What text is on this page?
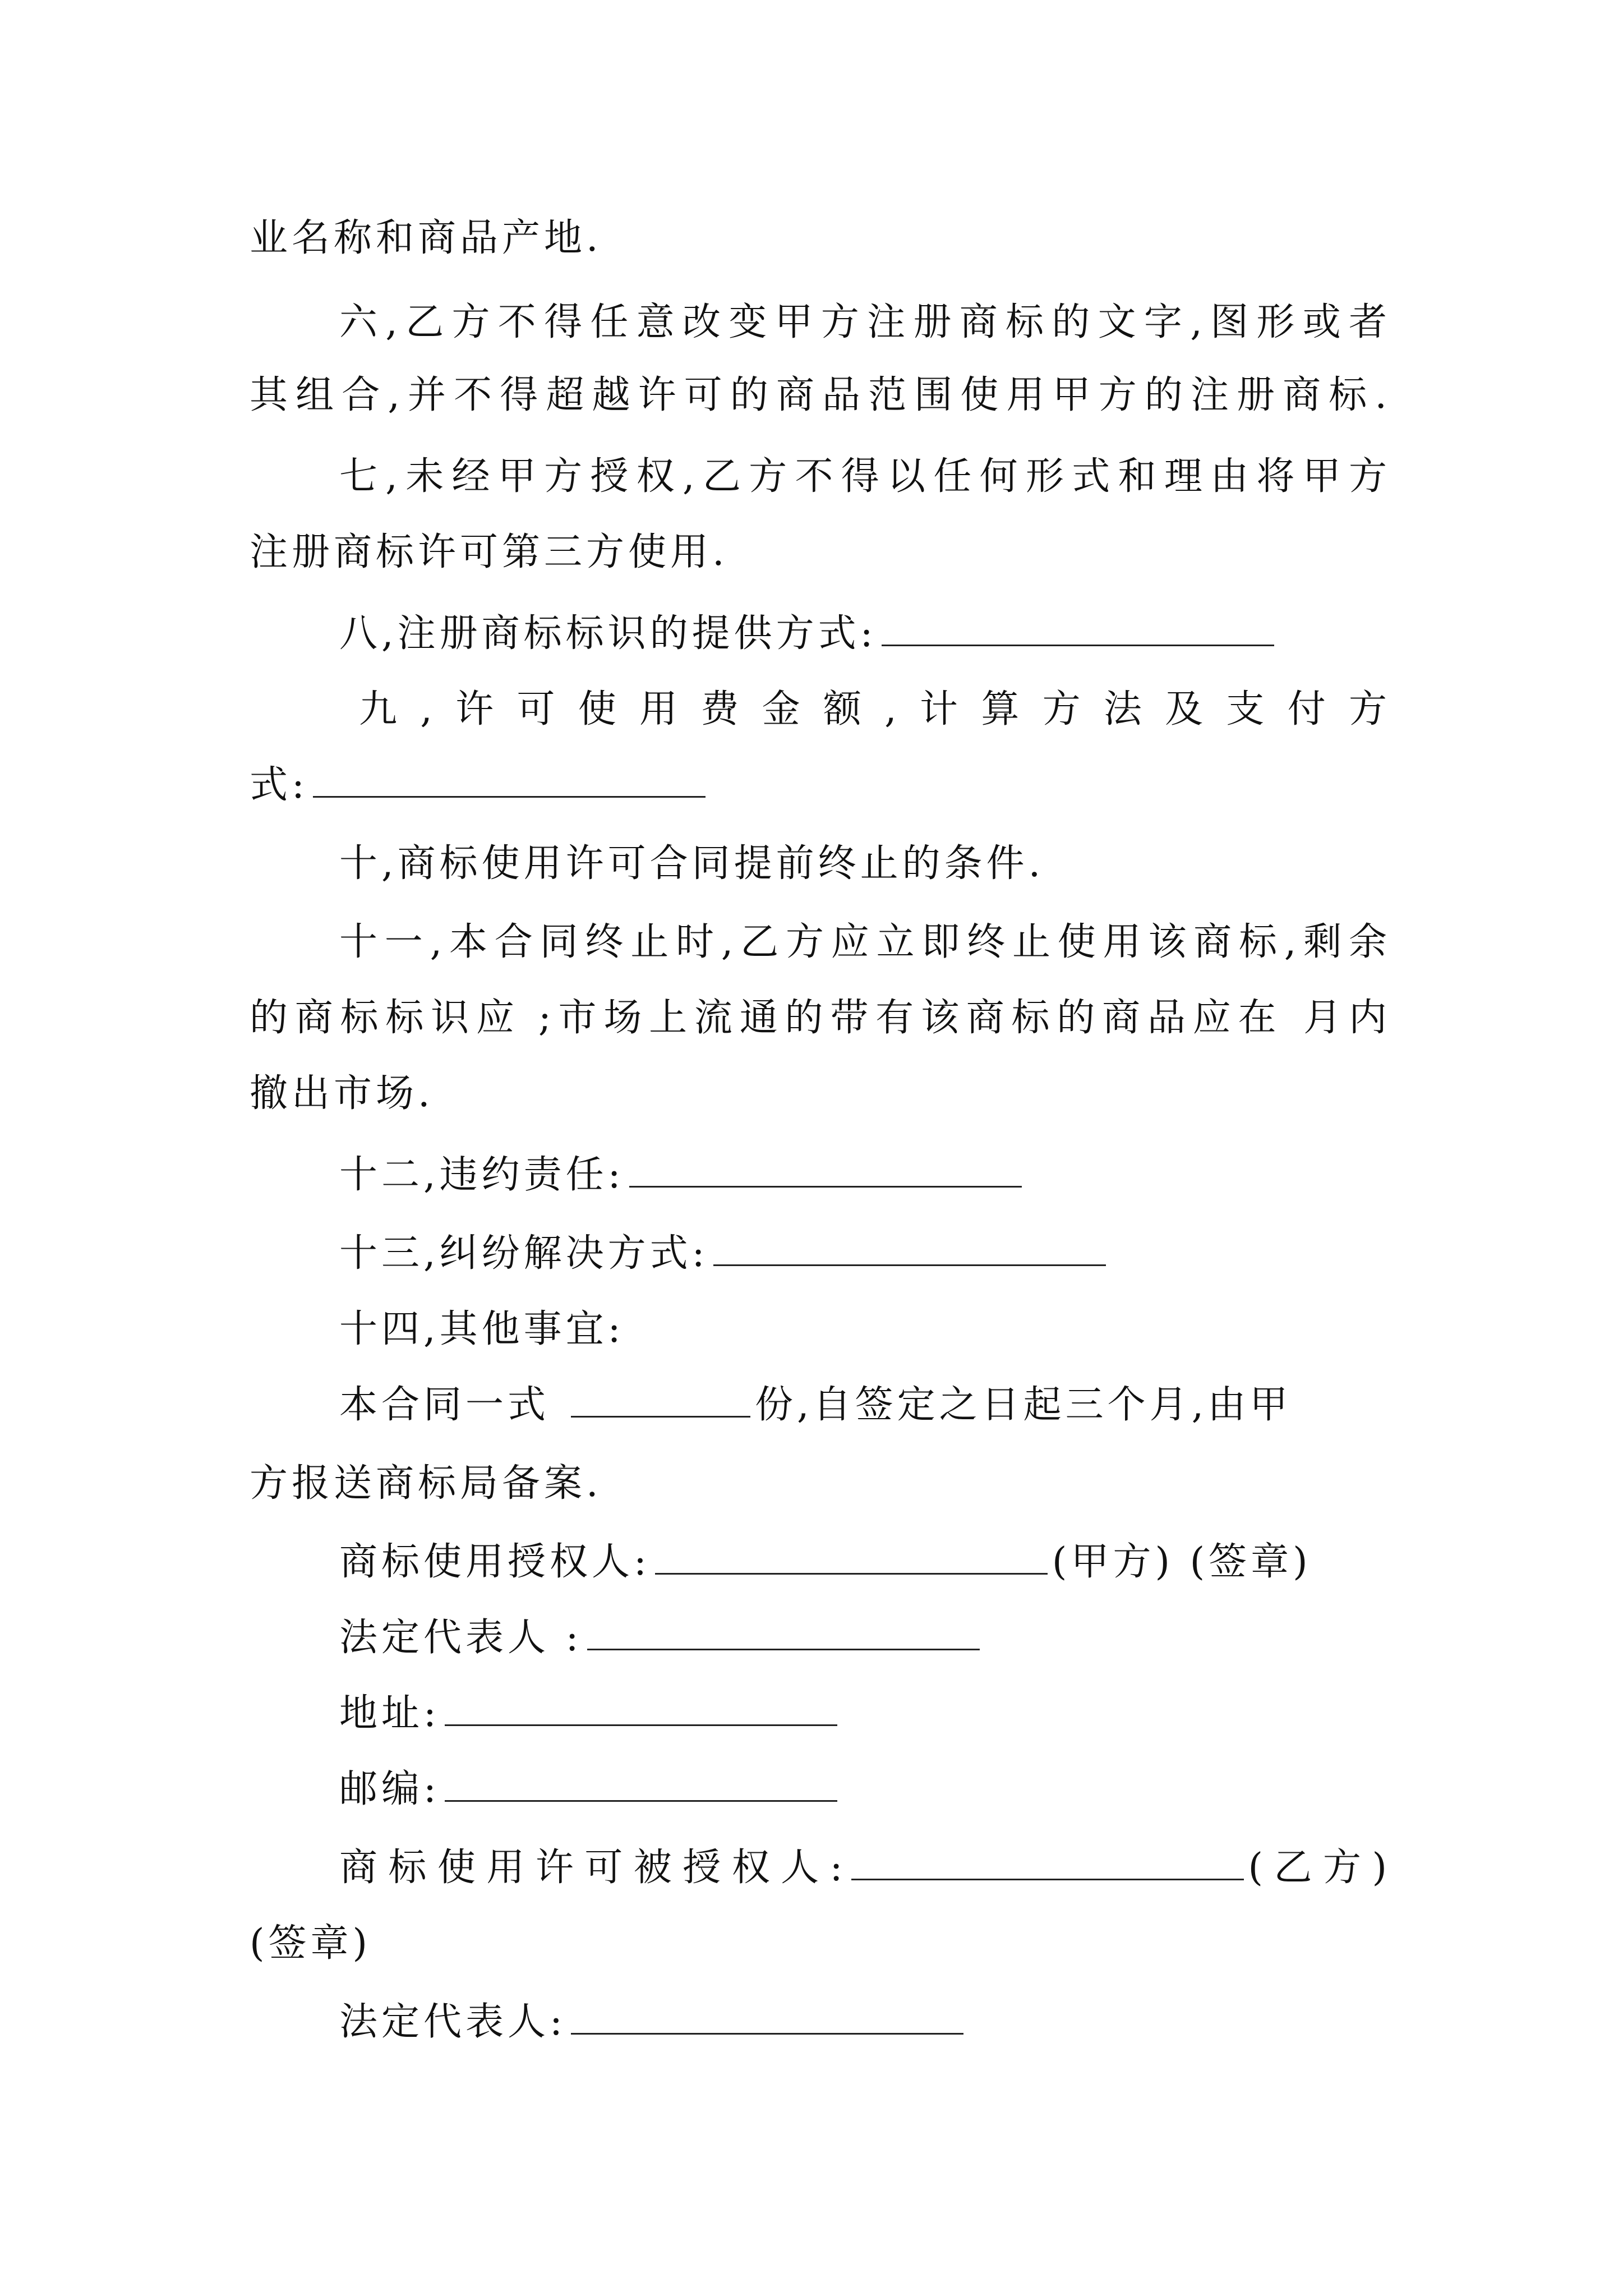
业名称和商品产地.
六,乙方不得任意改变甲方注册商标的文字,图形或者
其组合,并不得超越许可的商品范围使用甲方的注册商标.
七,未经甲方授权,乙方不得以任何形式和理由将甲方
注册商标许可第三方使用.
八,注册商标标识的提供方式:
九,许可使用费金额,计算方法及支付方
式:
十,商标使用许可合同提前终止的条件.
十一,本合同终止时,乙方应立即终止使用该商标,剩余
的商标标识应 ;市场上流通的带有该商标的商品应在 月内
撤出市场.
十二,违约责任:
十三,纠纷解决方式:
十四,其他事宜:
本合同一式	份,自签定之日起三个月,由甲
方报送商标局备案.
商标使用授权人:	(甲方) (签章)
法定代表人 :
地址:
邮编:
商标使用许可被授权人:	(乙方)
(签章)
法定代表人:
